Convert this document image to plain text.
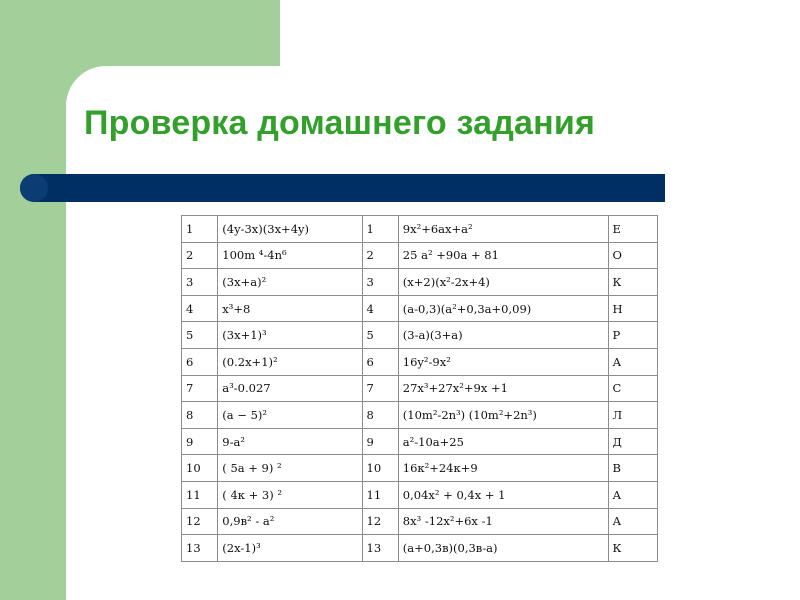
Проверка домашнего задания
1	(4y-3x)(3x+4y)	1	9x²+6ax+a²	Е
2	100m ⁴-4n⁶	2	25 a² +90a + 81	О
3	(3x+a)²	3	(x+2)(x²-2x+4)	К
4	x³+8	4	(a-0,3)(a²+0,3a+0,09)	Н
5	(3x+1)³	5	(3-a)(3+a)	Р
6	(0.2x+1)²	6	16y²-9x²	А
7	a³-0.027	7	27x³+27x²+9x +1	С
8	(a − 5)²	8	(10m²-2n³) (10m²+2n³)	Л
9	9-a²	9	a²-10a+25	Д
10	( 5a + 9) ²	10	16к²+24к+9	В
11	( 4к + 3) ²	11	0,04x² + 0,4x + 1	А
12	0,9в² - a²	12	8x³ -12x²+6x -1	А
13	(2x-1)³	13	(a+0,3в)(0,3в-a)	К
